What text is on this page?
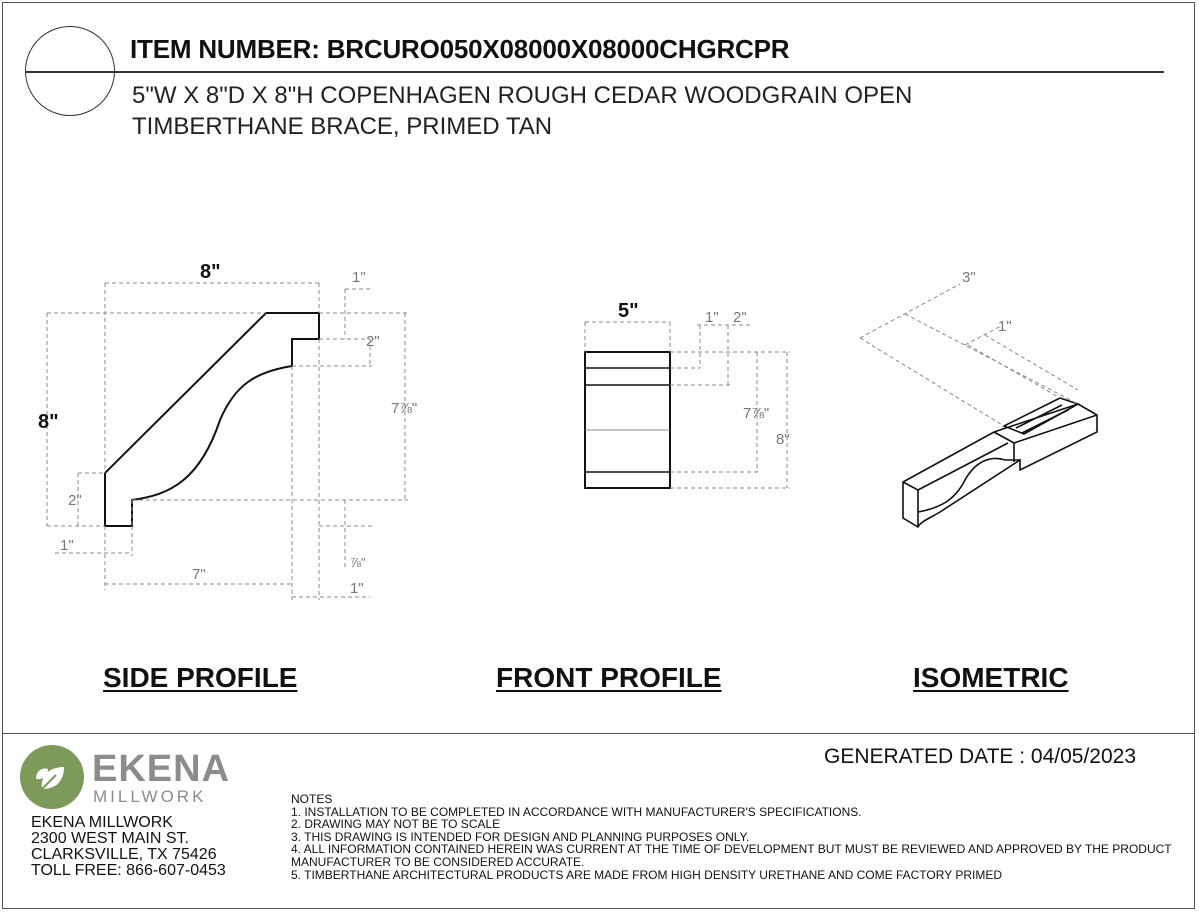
ITEM NUMBER: BRCURO050X08000X08000CHGRCPR
5"W X 8"D X 8"H COPENHAGEN ROUGH CEDAR WOODGRAIN OPEN
TIMBERTHANE BRACE, PRIMED TAN
8"
8"
1"
2"
7⅞"
2"
1"
7"
⅞"
1"
5"	1" 2"
7⅞"
8"
3"
1"
SIDE PROFILE	FRONT PROFILE	ISOMETRIC
EKENA
MILLWORK
EKENA MILLWORK
2300 WEST MAIN ST.
CLARKSVILLE, TX 75426
TOLL FREE: 866-607-0453
GENERATED DATE : 04/05/2023
NOTES
1. INSTALLATION TO BE COMPLETED IN ACCORDANCE WITH MANUFACTURER'S SPECIFICATIONS.
2. DRAWING MAY NOT BE TO SCALE
3. THIS DRAWING IS INTENDED FOR DESIGN AND PLANNING PURPOSES ONLY.
4. ALL INFORMATION CONTAINED HEREIN WAS CURRENT AT THE TIME OF DEVELOPMENT BUT MUST BE REVIEWED AND APPROVED BY THE PRODUCT MANUFACTURER TO BE CONSIDERED ACCURATE.
5. TIMBERTHANE ARCHITECTURAL PRODUCTS ARE MADE FROM HIGH DENSITY URETHANE AND COME FACTORY PRIMED
